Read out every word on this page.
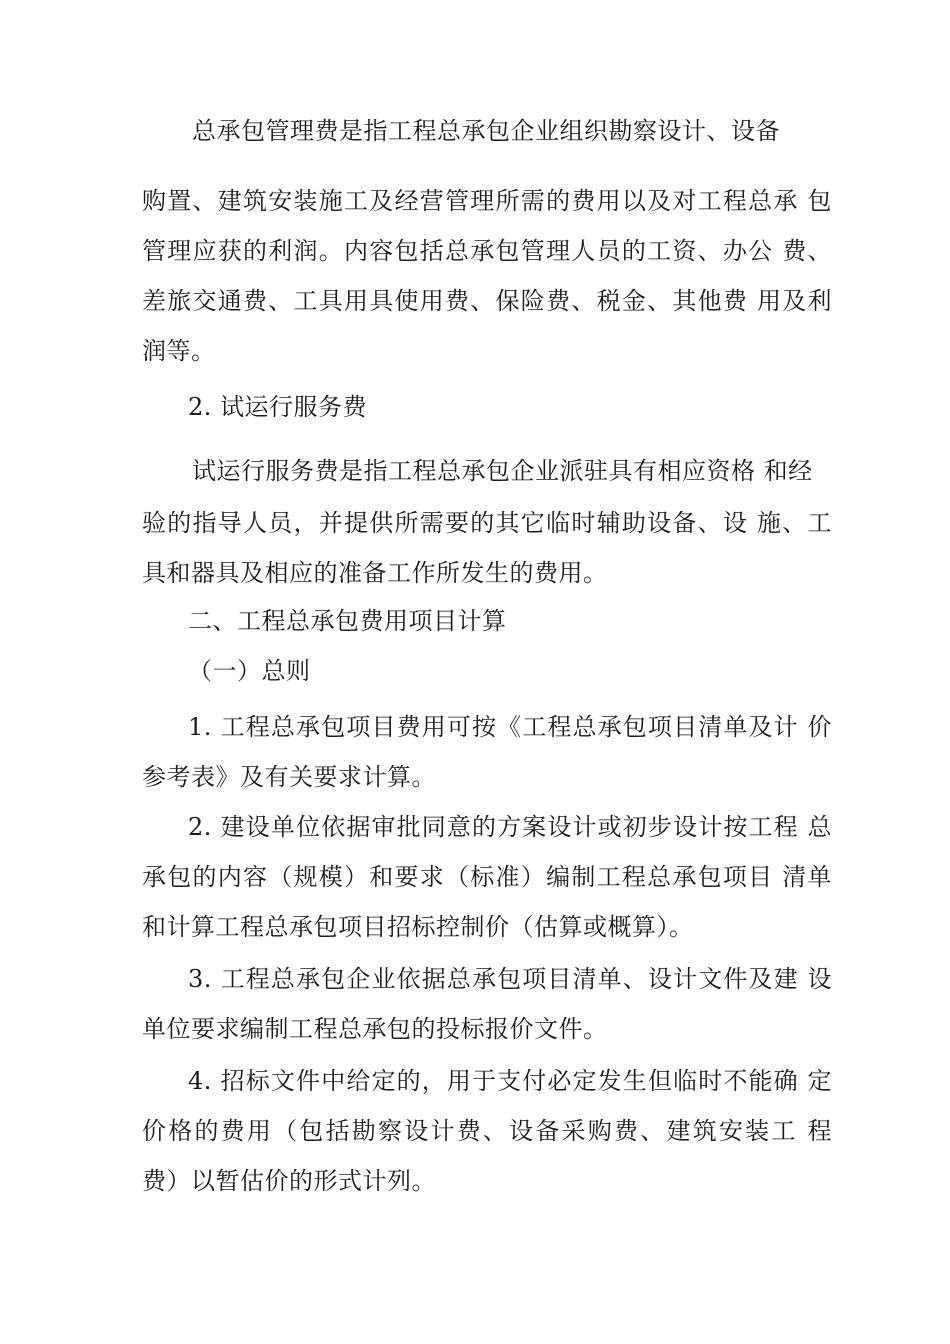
总承包管理费是指工程总承包企业组织勘察设计、设备
购置、建筑安装施工及经营管理所需的费用以及对工程总承 包
管理应获的利润。内容包括总承包管理人员的工资、办公 费、
差旅交通费、工具用具使用费、保险费、税金、其他费 用及利
润等。
2. 试运行服务费
试运行服务费是指工程总承包企业派驻具有相应资格 和经
验的指导人员，并提供所需要的其它临时辅助设备、设 施、工
具和器具及相应的准备工作所发生的费用。
二、工程总承包费用项目计算
（一）总则
1. 工程总承包项目费用可按《工程总承包项目清单及计 价
参考表》及有关要求计算。
2. 建设单位依据审批同意的方案设计或初步设计按工程 总
承包的内容（规模）和要求（标准）编制工程总承包项目 清单
和计算工程总承包项目招标控制价（估算或概算）。
3. 工程总承包企业依据总承包项目清单、设计文件及建 设
单位要求编制工程总承包的投标报价文件。
4. 招标文件中给定的，用于支付必定发生但临时不能确 定
价格的费用（包括勘察设计费、设备采购费、建筑安装工 程
费）以暂估价的形式计列。
